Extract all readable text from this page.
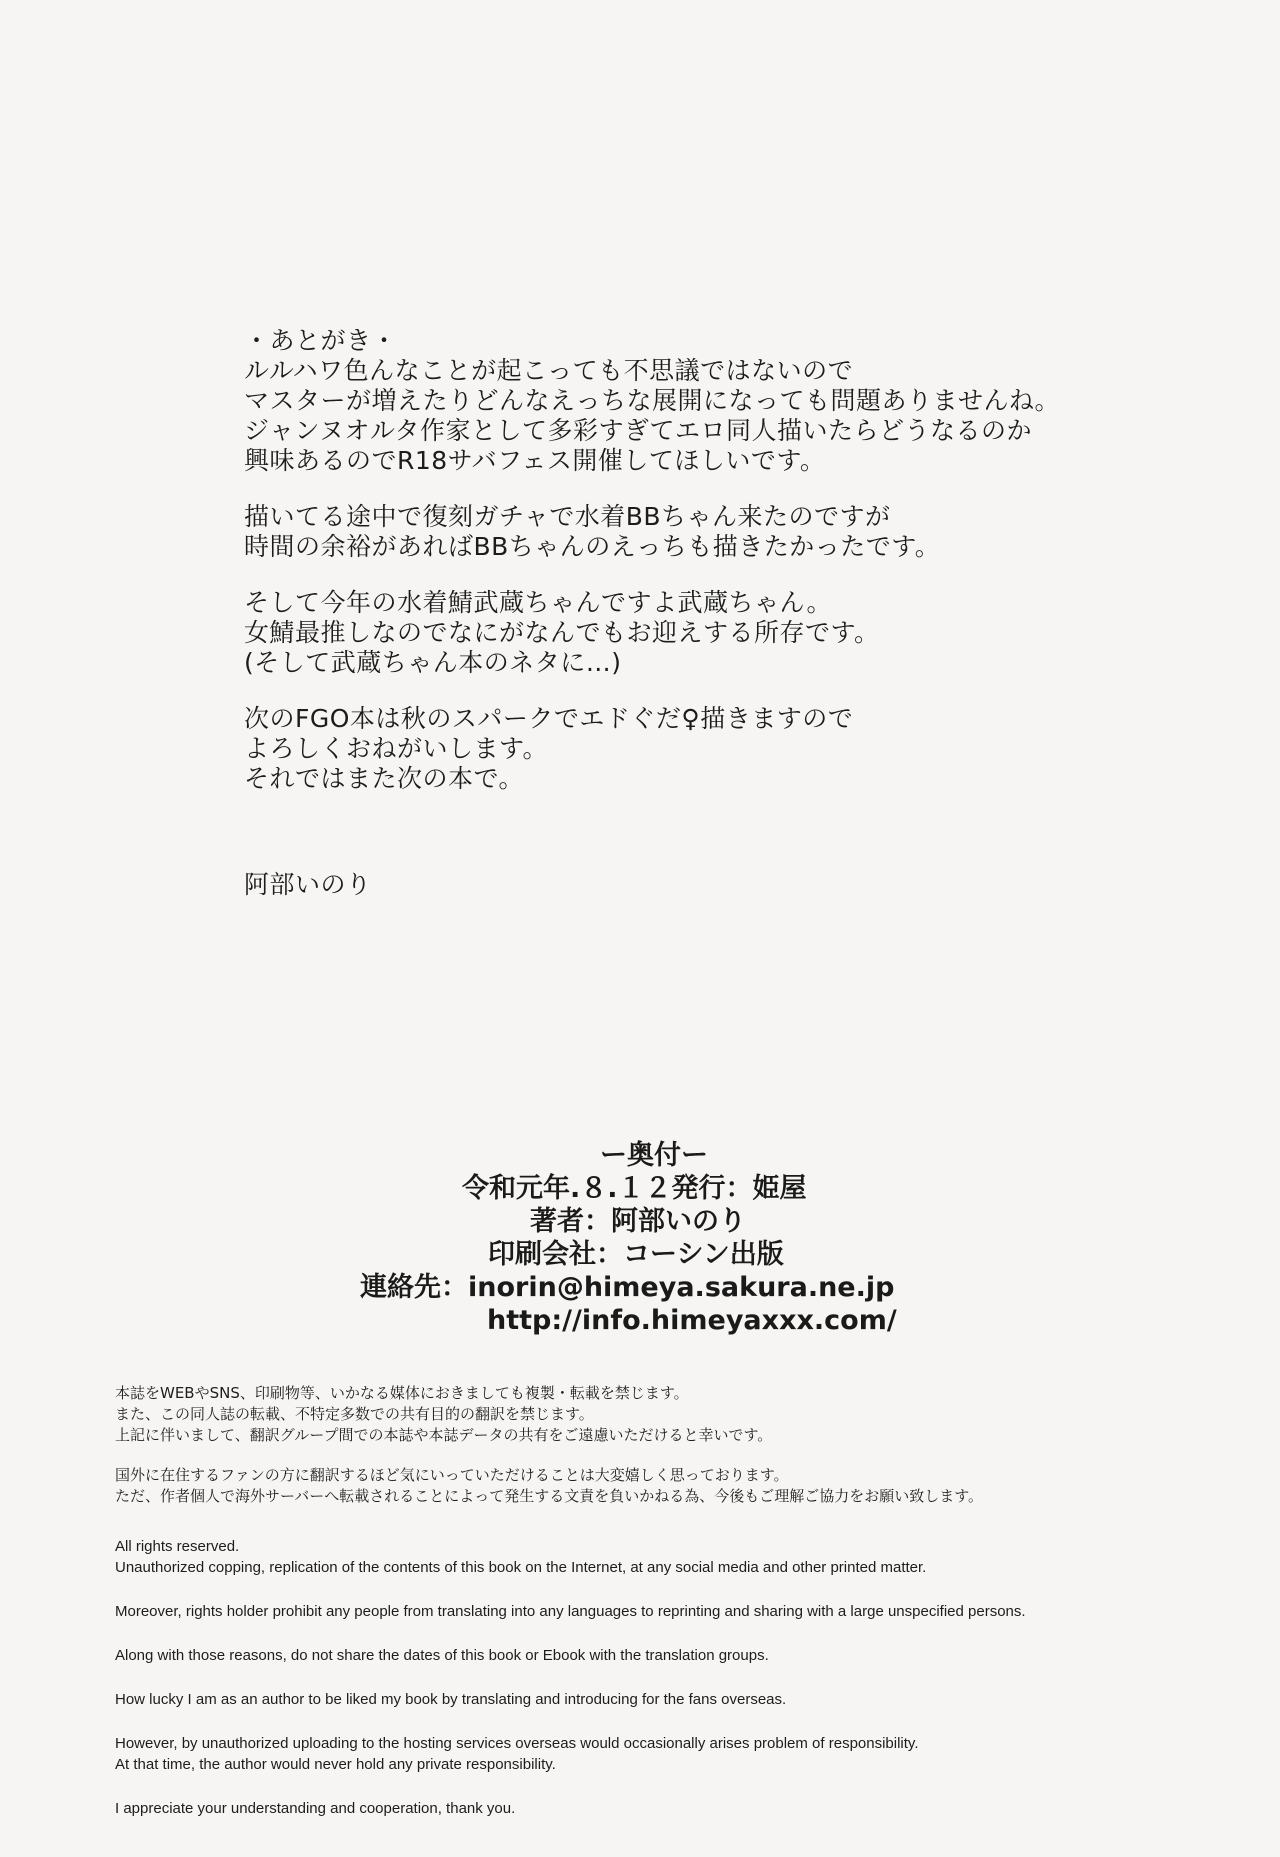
・あとがき・
ルルハワ色んなことが起こっても不思議ではないので
マスターが増えたりどんなえっちな展開になっても問題ありませんね。
ジャンヌオルタ作家として多彩すぎてエロ同人描いたらどうなるのか
興味あるのでR18サバフェス開催してほしいです。
描いてる途中で復刻ガチャで水着BBちゃん来たのですが
時間の余裕があればBBちゃんのえっちも描きたかったです。
そして今年の水着鯖武蔵ちゃんですよ武蔵ちゃん。
女鯖最推しなのでなにがなんでもお迎えする所存です。
(そして武蔵ちゃん本のネタに…)
次のFGO本は秋のスパークでエドぐだ♀描きますので
よろしくおねがいします。
それではまた次の本で。
阿部いのり
ー奥付ー
令和元年.８.１２発行：姫屋
著者：阿部いのり
印刷会社：コーシン出版
連絡先：inorin@himeya.sakura.ne.jp
http://info.himeyaxxx.com/
本誌をWEBやSNS、印刷物等、いかなる媒体におきましても複製・転載を禁じます。
また、この同人誌の転載、不特定多数での共有目的の翻訳を禁じます。
上記に伴いまして、翻訳グループ間での本誌や本誌データの共有をご遠慮いただけると幸いです。
国外に在住するファンの方に翻訳するほど気にいっていただけることは大変嬉しく思っております。
ただ、作者個人で海外サーバーへ転載されることによって発生する文責を負いかねる為、今後もご理解ご協力をお願い致します。
All rights reserved.
Unauthorized copping, replication of the contents of this book on the Internet, at any social media and other printed matter.
Moreover, rights holder prohibit any people from translating into any languages to reprinting and sharing with a large unspecified persons.
Along with those reasons, do not share the dates of this book or Ebook with the translation groups.
How lucky I am as an author to be liked my book by translating and introducing for the fans overseas.
However, by unauthorized uploading to the hosting services overseas would occasionally arises problem of responsibility.
At that time, the author would never hold any private responsibility.
I appreciate your understanding and cooperation, thank you.
